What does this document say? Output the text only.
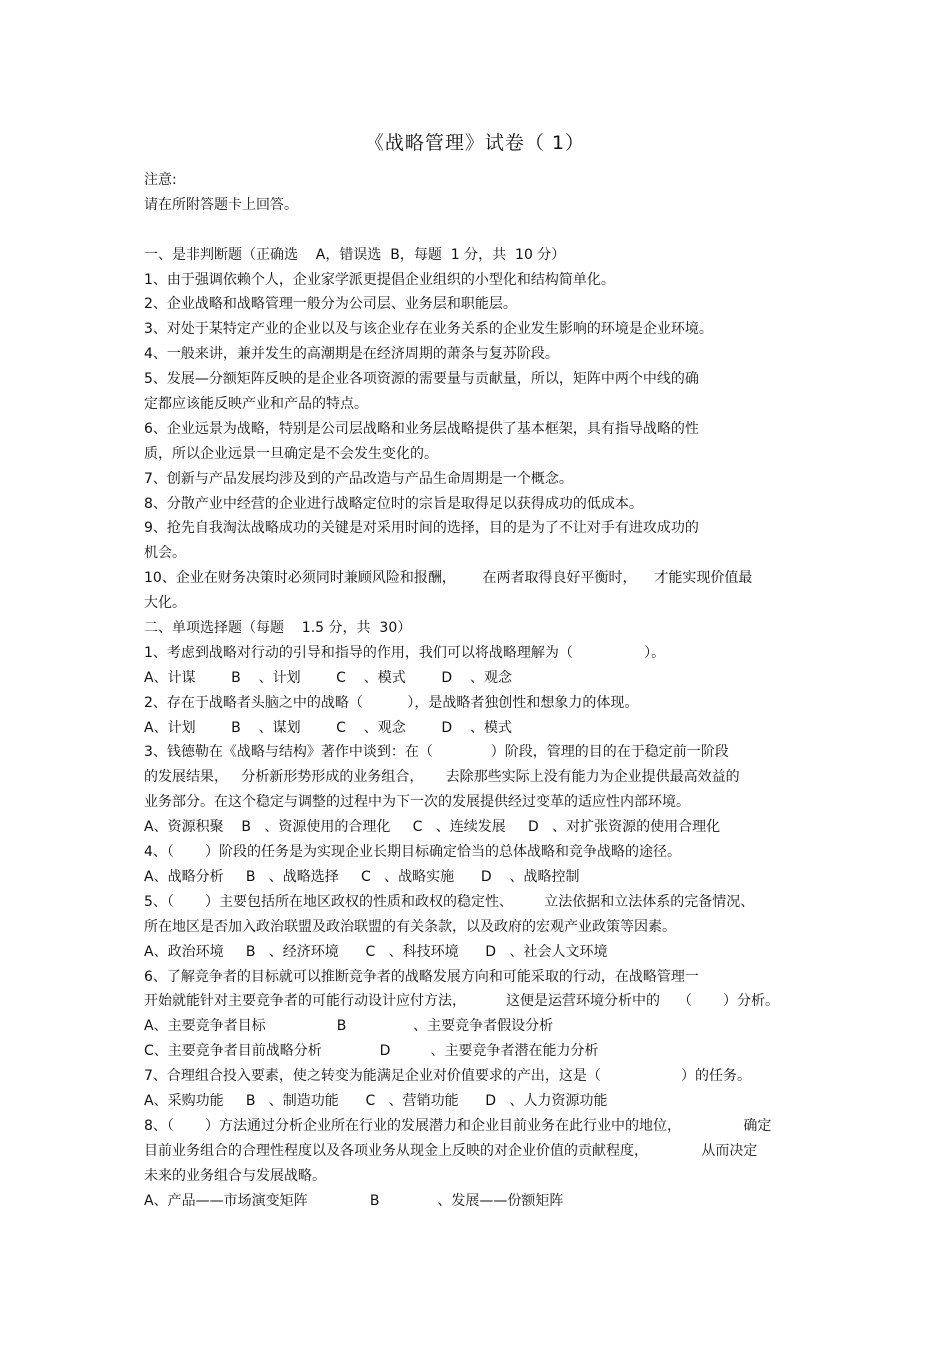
《战略管理》试卷（ 1）
注意:
请在所附答题卡上回答。
一、是非判断题（正确选    A，错误选  B，每题  1 分，共  10 分）
1、由于强调依赖个人，企业家学派更提倡企业组织的小型化和结构简单化。
2、企业战略和战略管理一般分为公司层、业务层和职能层。
3、对处于某特定产业的企业以及与该企业存在业务关系的企业发生影响的环境是企业环境。
4、一般来讲，兼并发生的高潮期是在经济周期的萧条与复苏阶段。
5、发展—分额矩阵反映的是企业各项资源的需要量与贡献量，所以，矩阵中两个中线的确
定都应该能反映产业和产品的特点。
6、企业远景为战略，特别是公司层战略和业务层战略提供了基本框架，具有指导战略的性
质，所以企业远景一旦确定是不会发生变化的。
7、创新与产品发展均涉及到的产品改造与产品生命周期是一个概念。
8、分散产业中经营的企业进行战略定位时的宗旨是取得足以获得成功的低成本。
9、抢先自我淘汰战略成功的关键是对采用时间的选择，目的是为了不让对手有进攻成功的
机会。
10、企业在财务决策时必须同时兼顾风险和报酬，      在两者取得良好平衡时，    才能实现价值最
大化。
二、单项选择题（每题    1.5 分，共  30）
1、考虑到战略对行动的引导和指导的作用，我们可以将战略理解为（                ）。
A、计谋        B    、计划        C    、模式        D    、观念
2、存在于战略者头脑之中的战略（          ），是战略者独创性和想象力的体现。
A、计划        B    、谋划        C    、观念        D    、模式
3、钱德勒在《战略与结构》著作中谈到：在（             ）阶段，管理的目的在于稳定前一阶段
的发展结果，   分析新形势形成的业务组合，     去除那些实际上没有能力为企业提供最高效益的
业务部分。在这个稳定与调整的过程中为下一次的发展提供经过变革的适应性内部环境。
A、资源积聚    B   、资源使用的合理化     C   、连续发展     D   、对扩张资源的使用合理化
4、（       ）阶段的任务是为实现企业长期目标确定恰当的总体战略和竞争战略的途径。
A、战略分析     B   、战略选择     C   、战略实施      D    、战略控制
5、（       ）主要包括所在地区政权的性质和政权的稳定性、       立法依据和立法体系的完备情况、
所在地区是否加入政治联盟及政治联盟的有关条款，以及政府的宏观产业政策等因素。
A、政治环境     B   、经济环境      C   、科技环境      D   、社会人文环境
6、了解竞争者的目标就可以推断竞争者的战略发展方向和可能采取的行动，在战略管理一
开始就能针对主要竞争者的可能行动设计应付方法，         这便是运营环境分析中的    （       ）分析。
A、主要竞争者目标                B               、主要竞争者假设分析
C、主要竞争者目前战略分析             D         、主要竞争者潜在能力分析
7、合理组合投入要素，使之转变为能满足企业对价值要求的产出，这是（                  ）的任务。
A、采购功能     B   、制造功能      C   、营销功能      D   、人力资源功能
8、（       ）方法通过分析企业所在行业的发展潜力和企业目前业务在此行业中的地位，              确定
目前业务组合的合理性程度以及各项业务从现金上反映的对企业价值的贡献程度，            从而决定
未来的业务组合与发展战略。
A、产品——市场演变矩阵              B             、发展——份额矩阵
